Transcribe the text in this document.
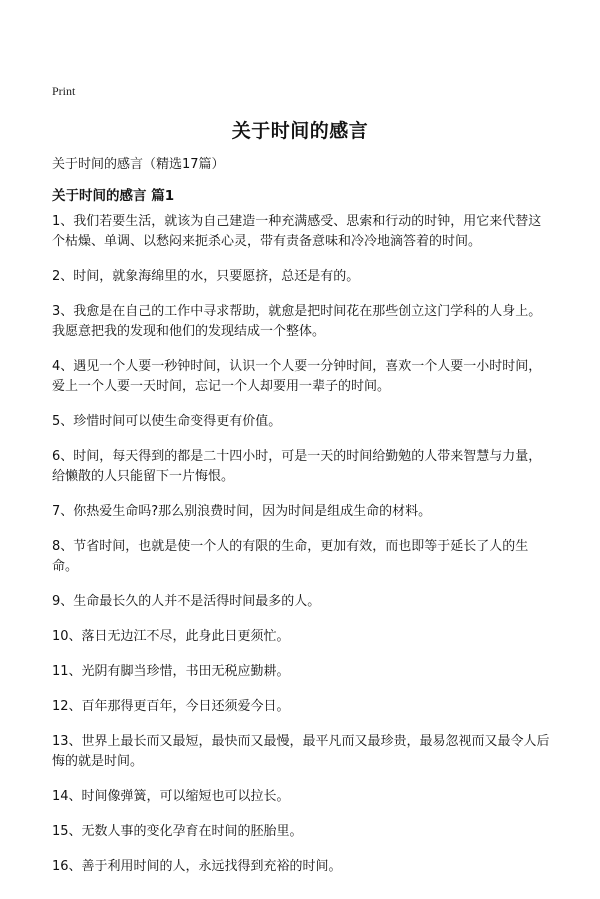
Print
关于时间的感言
关于时间的感言（精选17篇）
关于时间的感言 篇1
1、我们若要生活，就该为自己建造一种充满感受、思索和行动的时钟，用它来代替这个枯燥、单调、以愁闷来扼杀心灵，带有责备意味和冷冷地滴答着的时间。
2、时间，就象海绵里的水，只要愿挤，总还是有的。
3、我愈是在自己的工作中寻求帮助，就愈是把时间花在那些创立这门学科的人身上。我愿意把我的发现和他们的发现结成一个整体。
4、遇见一个人要一秒钟时间，认识一个人要一分钟时间，喜欢一个人要一小时时间，爱上一个人要一天时间，忘记一个人却要用一辈子的时间。
5、珍惜时间可以使生命变得更有价值。
6、时间，每天得到的都是二十四小时，可是一天的时间给勤勉的人带来智慧与力量，给懒散的人只能留下一片悔恨。
7、你热爱生命吗?那么别浪费时间，因为时间是组成生命的材料。
8、节省时间，也就是使一个人的有限的生命，更加有效，而也即等于延长了人的生命。
9、生命最长久的人并不是活得时间最多的人。
10、落日无边江不尽，此身此日更须忙。
11、光阴有脚当珍惜，书田无税应勤耕。
12、百年那得更百年，今日还须爱今日。
13、世界上最长而又最短，最快而又最慢，最平凡而又最珍贵，最易忽视而又最令人后悔的就是时间。
14、时间像弹簧，可以缩短也可以拉长。
15、无数人事的变化孕育在时间的胚胎里。
16、善于利用时间的人，永远找得到充裕的时间。
